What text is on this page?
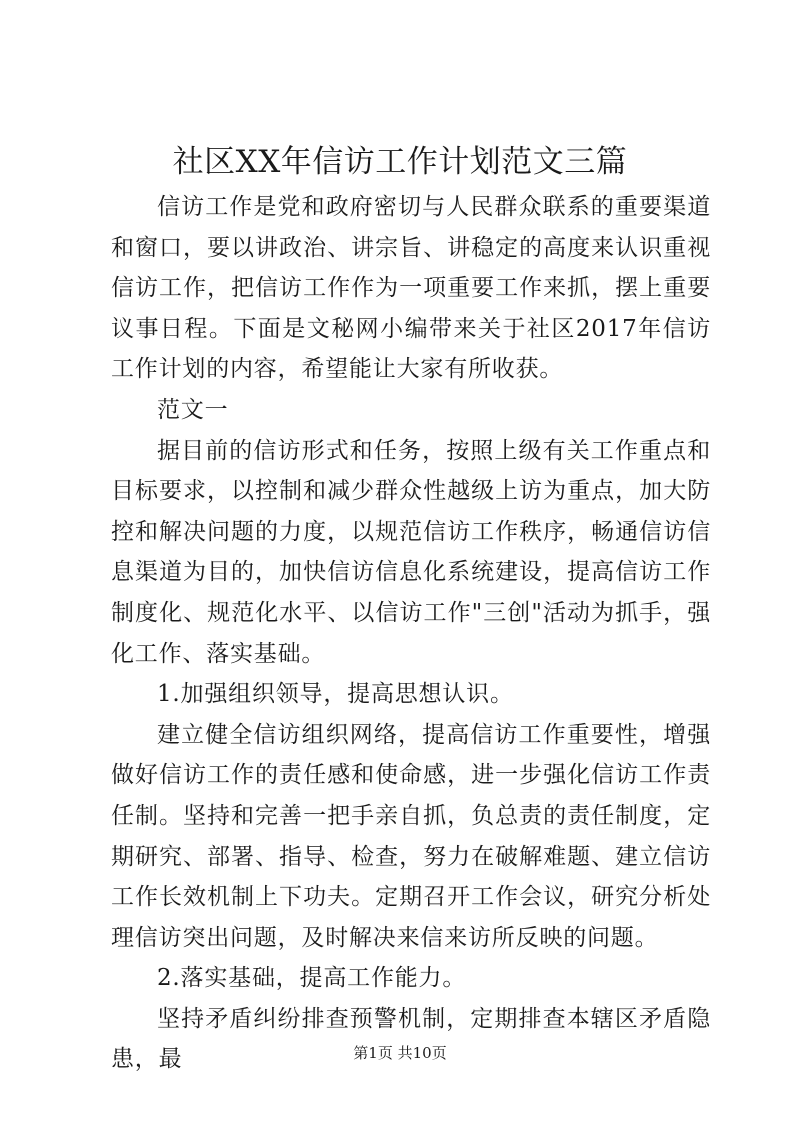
社区XX年信访工作计划范文三篇

信访工作是党和政府密切与人民群众联系的重要渠道和窗口，要以讲政治、讲宗旨、讲稳定的高度来认识重视信访工作，把信访工作作为一项重要工作来抓，摆上重要议事日程。下面是文秘网小编带来关于社区2017年信访工作计划的内容，希望能让大家有所收获。

范文一

据目前的信访形式和任务，按照上级有关工作重点和目标要求，以控制和减少群众性越级上访为重点，加大防控和解决问题的力度，以规范信访工作秩序，畅通信访信息渠道为目的，加快信访信息化系统建设，提高信访工作制度化、规范化水平、以信访工作"三创"活动为抓手，强化工作、落实基础。

1.加强组织领导，提高思想认识。

建立健全信访组织网络，提高信访工作重要性，增强做好信访工作的责任感和使命感，进一步强化信访工作责任制。坚持和完善一把手亲自抓，负总责的责任制度，定期研究、部署、指导、检查，努力在破解难题、建立信访工作长效机制上下功夫。定期召开工作会议，研究分析处理信访突出问题，及时解决来信来访所反映的问题。

2.落实基础，提高工作能力。

坚持矛盾纠纷排查预警机制，定期排查本辖区矛盾隐患，最	第1页 共10页
